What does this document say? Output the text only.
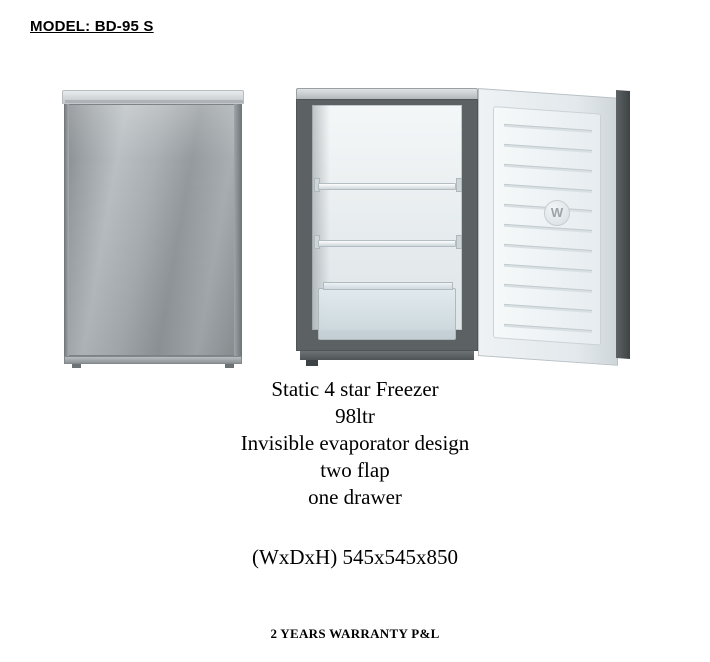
MODEL: BD-95 S
W
Static 4 star Freezer
98ltr
Invisible evaporator design
two flap
one drawer
(WxDxH) 545x545x850
2 YEARS WARRANTY P&L
